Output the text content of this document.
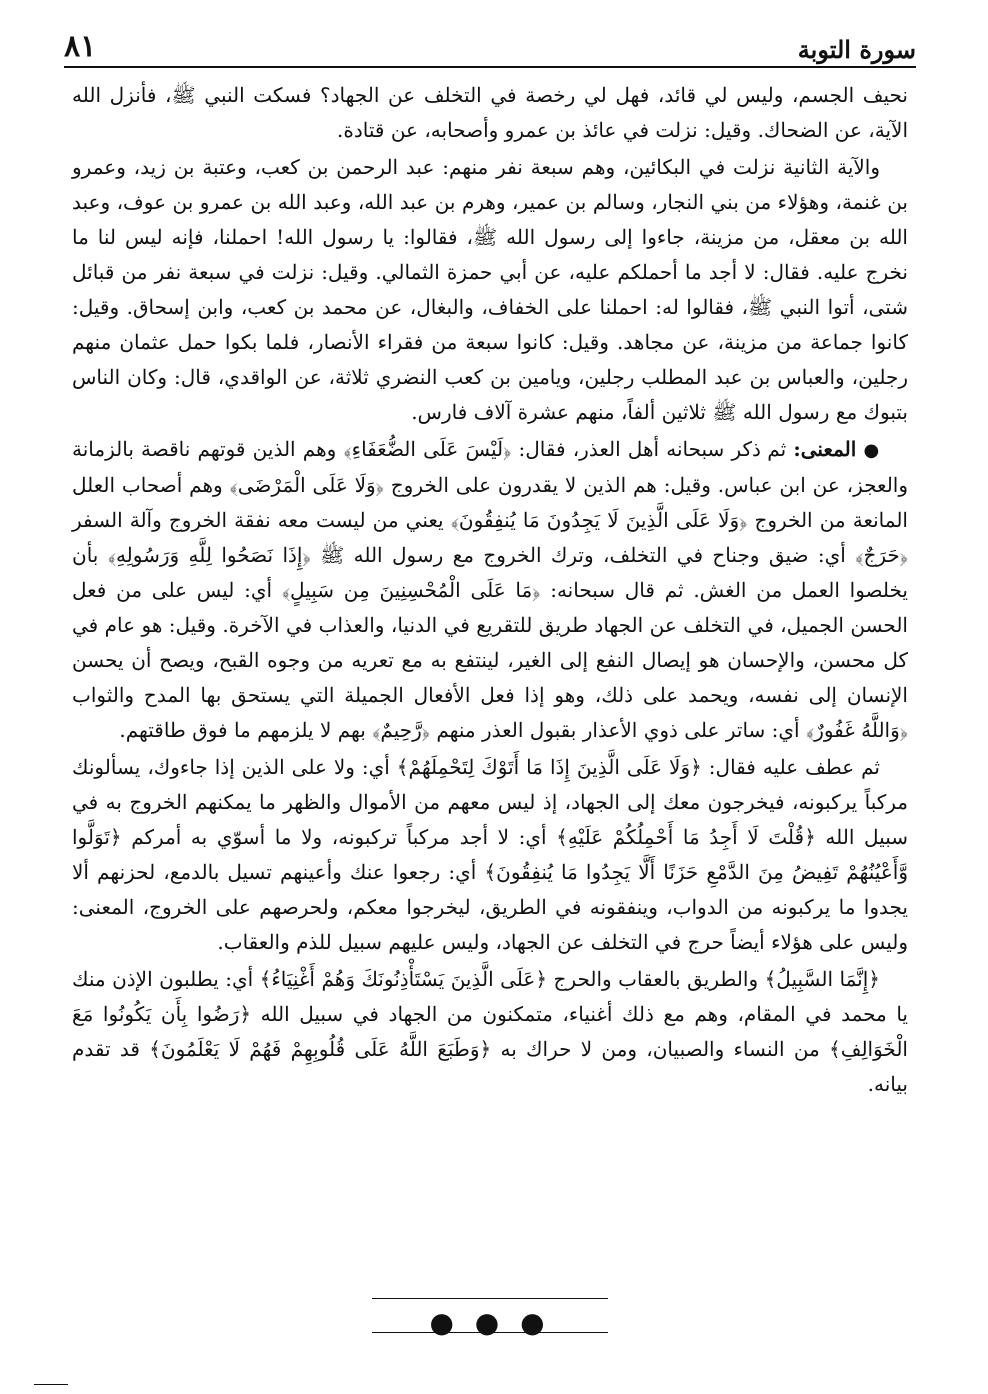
سورة التوبة
٨١

نحيف الجسم، وليس لي قائد، فهل لي رخصة في التخلف عن الجهاد؟ فسكت النبي ﷺ، فأنزل الله الآية، عن الضحاك. وقيل: نزلت في عائذ بن عمرو وأصحابه، عن قتادة.

والآية الثانية نزلت في البكائين، وهم سبعة نفر منهم: عبد الرحمن بن كعب، وعتبة بن زيد، وعمرو بن غنمة، وهؤلاء من بني النجار، وسالم بن عمير، وهرم بن عبد الله، وعبد الله بن عمرو بن عوف، وعبد الله بن معقل، من مزينة، جاءوا إلى رسول الله ﷺ، فقالوا: يا رسول الله! احملنا، فإنه ليس لنا ما نخرج عليه. فقال: لا أجد ما أحملكم عليه، عن أبي حمزة الثمالي. وقيل: نزلت في سبعة نفر من قبائل شتى، أتوا النبي ﷺ، فقالوا له: احملنا على الخفاف، والبغال، عن محمد بن كعب، وابن إسحاق. وقيل: كانوا جماعة من مزينة، عن مجاهد. وقيل: كانوا سبعة من فقراء الأنصار، فلما بكوا حمل عثمان منهم رجلين، والعباس بن عبد المطلب رجلين، ويامين بن كعب النضري ثلاثة، عن الواقدي، قال: وكان الناس بتبوك مع رسول الله ﷺ ثلاثين ألفاً، منهم عشرة آلاف فارس.

● المعنى: ثم ذكر سبحانه أهل العذر، فقال: ﴿لَيْسَ عَلَى الضُّعَفَاءِ﴾ وهم الذين قوتهم ناقصة بالزمانة والعجز، عن ابن عباس. وقيل: هم الذين لا يقدرون على الخروج ﴿وَلَا عَلَى الْمَرْضَى﴾ وهم أصحاب العلل المانعة من الخروج ﴿وَلَا عَلَى الَّذِينَ لَا يَجِدُونَ مَا يُنفِقُونَ﴾ يعني من ليست معه نفقة الخروج وآلة السفر ﴿حَرَجٌ﴾ أي: ضيق وجناح في التخلف، وترك الخروج مع رسول الله ﷺ ﴿إِذَا نَصَحُوا لِلَّهِ وَرَسُولِهِ﴾ بأن يخلصوا العمل من الغش. ثم قال سبحانه: ﴿مَا عَلَى الْمُحْسِنِينَ مِن سَبِيلٍ﴾ أي: ليس على من فعل الحسن الجميل، في التخلف عن الجهاد طريق للتقريع في الدنيا، والعذاب في الآخرة. وقيل: هو عام في كل محسن، والإحسان هو إيصال النفع إلى الغير، لينتفع به مع تعريه من وجوه القبح، ويصح أن يحسن الإنسان إلى نفسه، ويحمد على ذلك، وهو إذا فعل الأفعال الجميلة التي يستحق بها المدح والثواب ﴿وَاللَّهُ غَفُورٌ﴾ أي: ساتر على ذوي الأعذار بقبول العذر منهم ﴿رَّحِيمٌ﴾ بهم لا يلزمهم ما فوق طاقتهم.

ثم عطف عليه فقال: ﴿وَلَا عَلَى الَّذِينَ إِذَا مَا أَتَوْكَ لِتَحْمِلَهُمْ﴾ أي: ولا على الذين إذا جاءوك، يسألونك مركباً يركبونه، فيخرجون معك إلى الجهاد، إذ ليس معهم من الأموال والظهر ما يمكنهم الخروج به في سبيل الله ﴿قُلْتَ لَا أَجِدُ مَا أَحْمِلُكُمْ عَلَيْهِ﴾ أي: لا أجد مركباً تركبونه، ولا ما أسوّي به أمركم ﴿تَوَلَّوا وَّأَعْيُنُهُمْ تَفِيضُ مِنَ الدَّمْعِ حَزَنًا أَلَّا يَجِدُوا مَا يُنفِقُونَ﴾ أي: رجعوا عنك وأعينهم تسيل بالدمع، لحزنهم ألا يجدوا ما يركبونه من الدواب، وينفقونه في الطريق، ليخرجوا معكم، ولحرصهم على الخروج، المعنى: وليس على هؤلاء أيضاً حرج في التخلف عن الجهاد، وليس عليهم سبيل للذم والعقاب.

﴿إِنَّمَا السَّبِيلُ﴾ والطريق بالعقاب والحرج ﴿عَلَى الَّذِينَ يَسْتَأْذِنُونَكَ وَهُمْ أَغْنِيَاءُ﴾ أي: يطلبون الإذن منك يا محمد في المقام، وهم مع ذلك أغنياء، متمكنون من الجهاد في سبيل الله ﴿رَضُوا بِأَن يَكُونُوا مَعَ الْخَوَالِفِ﴾ من النساء والصبيان، ومن لا حراك به ﴿وَطَبَعَ اللَّهُ عَلَى قُلُوبِهِمْ فَهُمْ لَا يَعْلَمُونَ﴾ قد تقدم بيانه.

● ● ●
